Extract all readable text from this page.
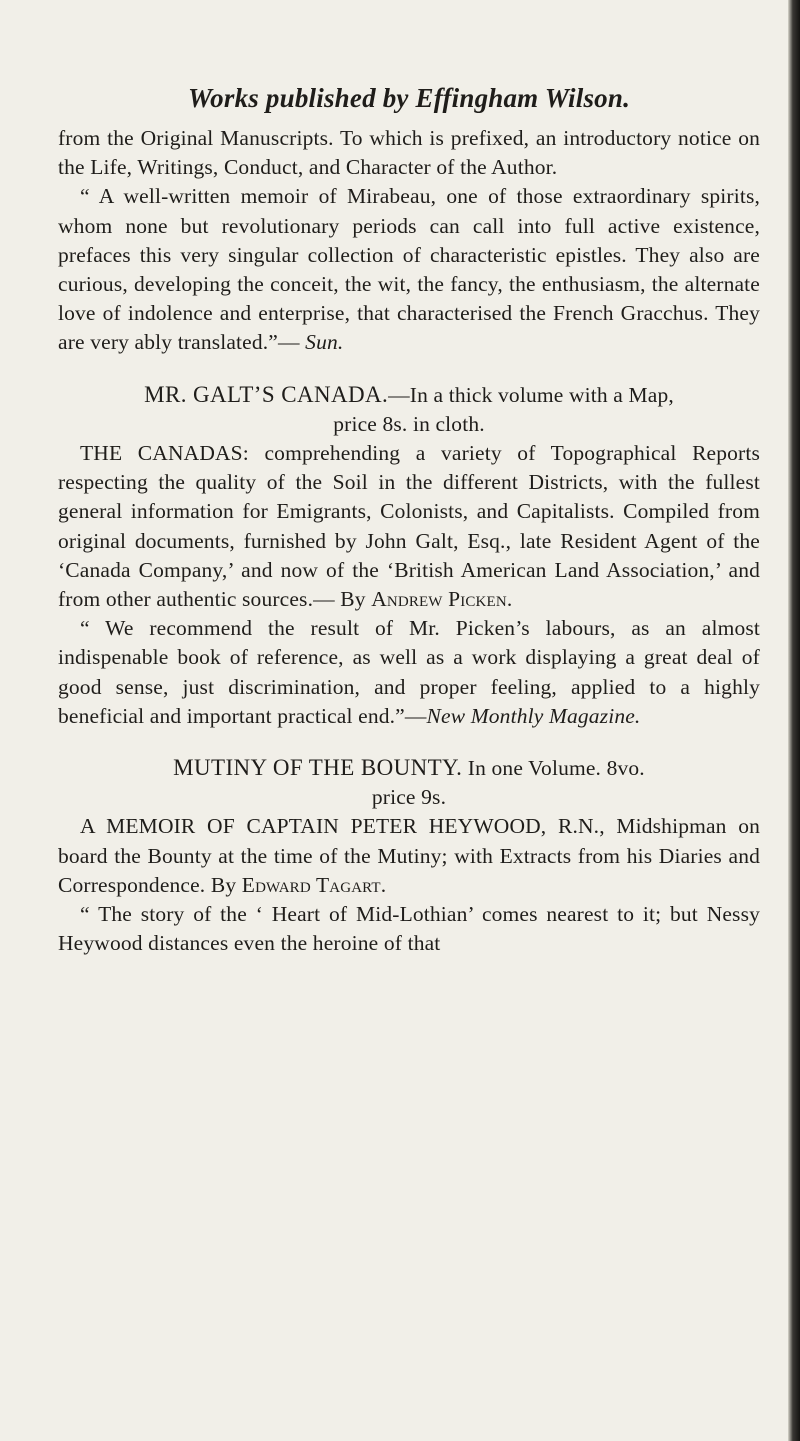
Works published by Effingham Wilson.

from the Original Manuscripts. To which is prefixed, an introductory notice on the Life, Writings, Conduct, and Character of the Author.

“ A well-written memoir of Mirabeau, one of those extraordinary spirits, whom none but revolutionary periods can call into full active existence, prefaces this very singular collection of characteristic epistles. They also are curious, developing the conceit, the wit, the fancy, the enthusiasm, the alternate love of indolence and enterprise, that characterised the French Gracchus. They are very ably translated.”— Sun.

MR. GALT’S CANADA.—In a thick volume with a Map,
price 8s. in cloth.

THE CANADAS: comprehending a variety of Topographical Reports respecting the quality of the Soil in the different Districts, with the fullest general information for Emigrants, Colonists, and Capitalists. Compiled from original documents, furnished by John Galt, Esq., late Resident Agent of the ‘Canada Company,’ and now of the ‘British American Land Association,’ and from other authentic sources.— By Andrew Picken.

“ We recommend the result of Mr. Picken’s labours, as an almost indispenable book of reference, as well as a work displaying a great deal of good sense, just discrimination, and proper feeling, applied to a highly beneficial and important practical end.”—New Monthly Magazine.

MUTINY OF THE BOUNTY. In one Volume. 8vo.
price 9s.

A MEMOIR OF CAPTAIN PETER HEYWOOD, R.N., Midshipman on board the Bounty at the time of the Mutiny; with Extracts from his Diaries and Correspondence. By Edward Tagart.

“ The story of the ‘ Heart of Mid-Lothian’ comes nearest to it; but Nessy Heywood distances even the heroine of that
